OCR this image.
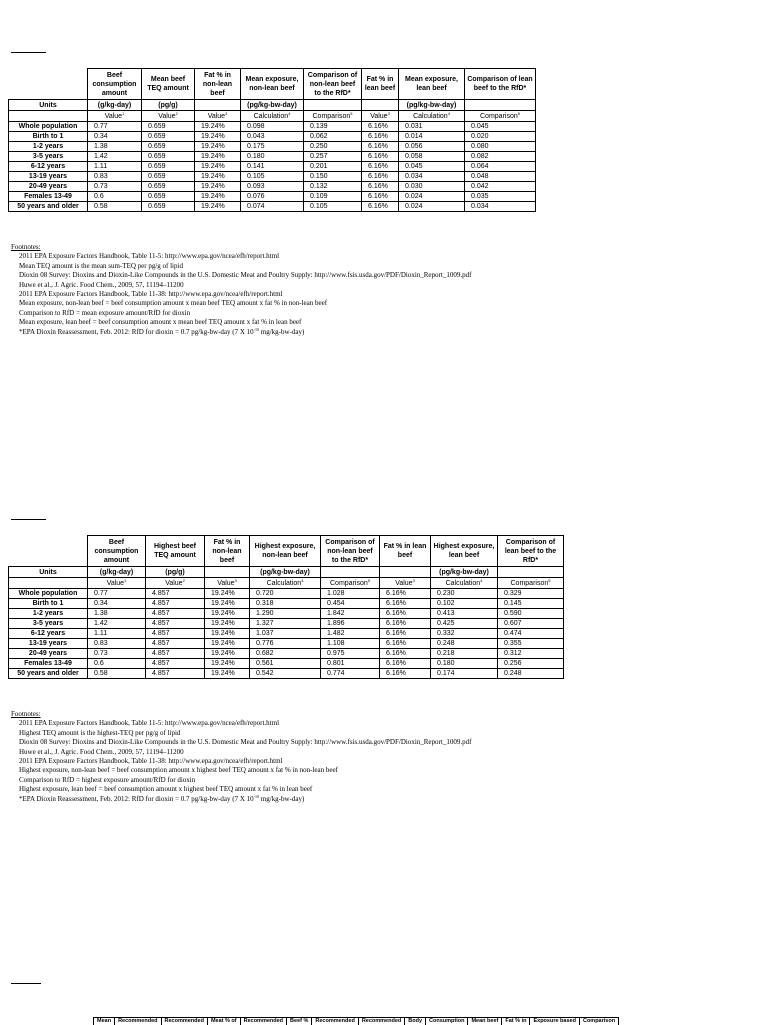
	Beef consumption amount	Mean beef TEQ amount	Fat % in non-lean beef	Mean exposure, non-lean beef	Comparison of non-lean beef to the RfD*	Fat % in lean beef	Mean exposure, lean beef	Comparison of lean beef to the RfD*
Units	(g/kg-day)	(pg/g)		(pg/kg-bw-day)			(pg/kg-bw-day)	
	Value$^1$	Value$^2$	Value$^3$	Calculation$^4$	Comparison$^5$	Value$^3$	Calculation$^4$	Comparison$^5$
Whole population	0.77	0.659	19.24%	0.098	0.139	6.16%	0.031	0.045
Birth to 1	0.34	0.659	19.24%	0.043	0.062	6.16%	0.014	0.020
1-2 years	1.38	0.659	19.24%	0.175	0.250	6.16%	0.056	0.080
3-5 years	1.42	0.659	19.24%	0.180	0.257	6.16%	0.058	0.082
6-12 years	1.11	0.659	19.24%	0.141	0.201	6.16%	0.045	0.064
13-19 years	0.83	0.659	19.24%	0.105	0.150	6.16%	0.034	0.048
20-49 years	0.73	0.659	19.24%	0.093	0.132	6.16%	0.030	0.042
Females 13-49	0.6	0.659	19.24%	0.076	0.109	6.16%	0.024	0.035
50 years and older	0.58	0.659	19.24%	0.074	0.105	6.16%	0.024	0.034
Footnotes:
2011 EPA Exposure Factors Handbook, Table 11-5: http://www.epa.gov/ncea/efh/report.html
Mean TEQ amount is the mean sum-TEQ per pg/g of lipid
Dioxin 08 Survey: Dioxins and Dioxin-Like Compounds in the U.S. Domestic Meat and Poultry Supply: http://www.fsis.usda.gov/PDF/Dioxin_Report_1009.pdf
Huwe et al., J. Agric. Food Chem., 2009, 57, 11194–11200
2011 EPA Exposure Factors Handbook, Table 11-38: http://www.epa.gov/ncea/efh/report.html
Mean exposure, non-lean beef = beef consumption amount x mean beef TEQ amount x fat % in non-lean beef
Comparison to RfD = mean exposure amount/RfD for dioxin
Mean exposure, lean beef = beef consumption amount x mean beef TEQ amount x fat % in lean beef
*EPA Dioxin Reassessment, Feb. 2012: RfD for dioxin = 0.7 pg/kg-bw-day (7 X $10^{-10}$ mg/kg-bw-day)
	Beef consumption amount	Highest beef TEQ amount	Fat % in non-lean beef	Highest exposure, non-lean beef	Comparison of non-lean beef to the RfD*	Fat % in lean beef	Highest exposure, lean beef	Comparison of lean beef to the RfD*
Units	(g/kg-day)	(pg/g)		(pg/kg-bw-day)			(pg/kg-bw-day)	
	Value$^1$	Value$^2$	Value$^3$	Calculation$^4$	Comparison$^5$	Value$^3$	Calculation$^4$	Comparison$^5$
Whole population	0.77	4.857	19.24%	0.720	1.028	6.16%	0.230	0.329
Birth to 1	0.34	4.857	19.24%	0.318	0.454	6.16%	0.102	0.145
1-2 years	1.38	4.857	19.24%	1.290	1.842	6.16%	0.413	0.590
3-5 years	1.42	4.857	19.24%	1.327	1.896	6.16%	0.425	0.607
6-12 years	1.11	4.857	19.24%	1.037	1.482	6.16%	0.332	0.474
13-19 years	0.83	4.857	19.24%	0.776	1.108	6.16%	0.248	0.355
20-49 years	0.73	4.857	19.24%	0.682	0.975	6.16%	0.218	0.312
Females 13-49	0.6	4.857	19.24%	0.561	0.801	6.16%	0.180	0.256
50 years and older	0.58	4.857	19.24%	0.542	0.774	6.16%	0.174	0.248
Footnotes:
2011 EPA Exposure Factors Handbook, Table 11-5: http://www.epa.gov/ncea/efh/report.html
Highest TEQ amount is the highest-TEQ per pg/g of lipid
Dioxin 08 Survey: Dioxins and Dioxin-Like Compounds in the U.S. Domestic Meat and Poultry Supply: http://www.fsis.usda.gov/PDF/Dioxin_Report_1009.pdf
Huwe et al., J. Agric. Food Chem., 2009, 57, 11194–11200
2011 EPA Exposure Factors Handbook, Table 11-38: http://www.epa.gov/ncea/efh/report.html
Highest exposure, non-lean beef = beef consumption amount x highest beef TEQ amount x fat % in non-lean beef
Comparison to RfD = highest exposure amount/RfD for dioxin
Highest exposure, lean beef = beef consumption amount x highest beef TEQ amount x fat % in lean beef
*EPA Dioxin Reassessment, Feb. 2012: RfD for dioxin = 0.7 pg/kg-bw-day (7 X $10^{-10}$ mg/kg-bw-day)
Mean	Recommended	Recommended	Meat % of	Recommended	Beef %	Recommended	Recommended	Body	Consumption	Mean beef	Fat % in	Exposure based	Comparison
